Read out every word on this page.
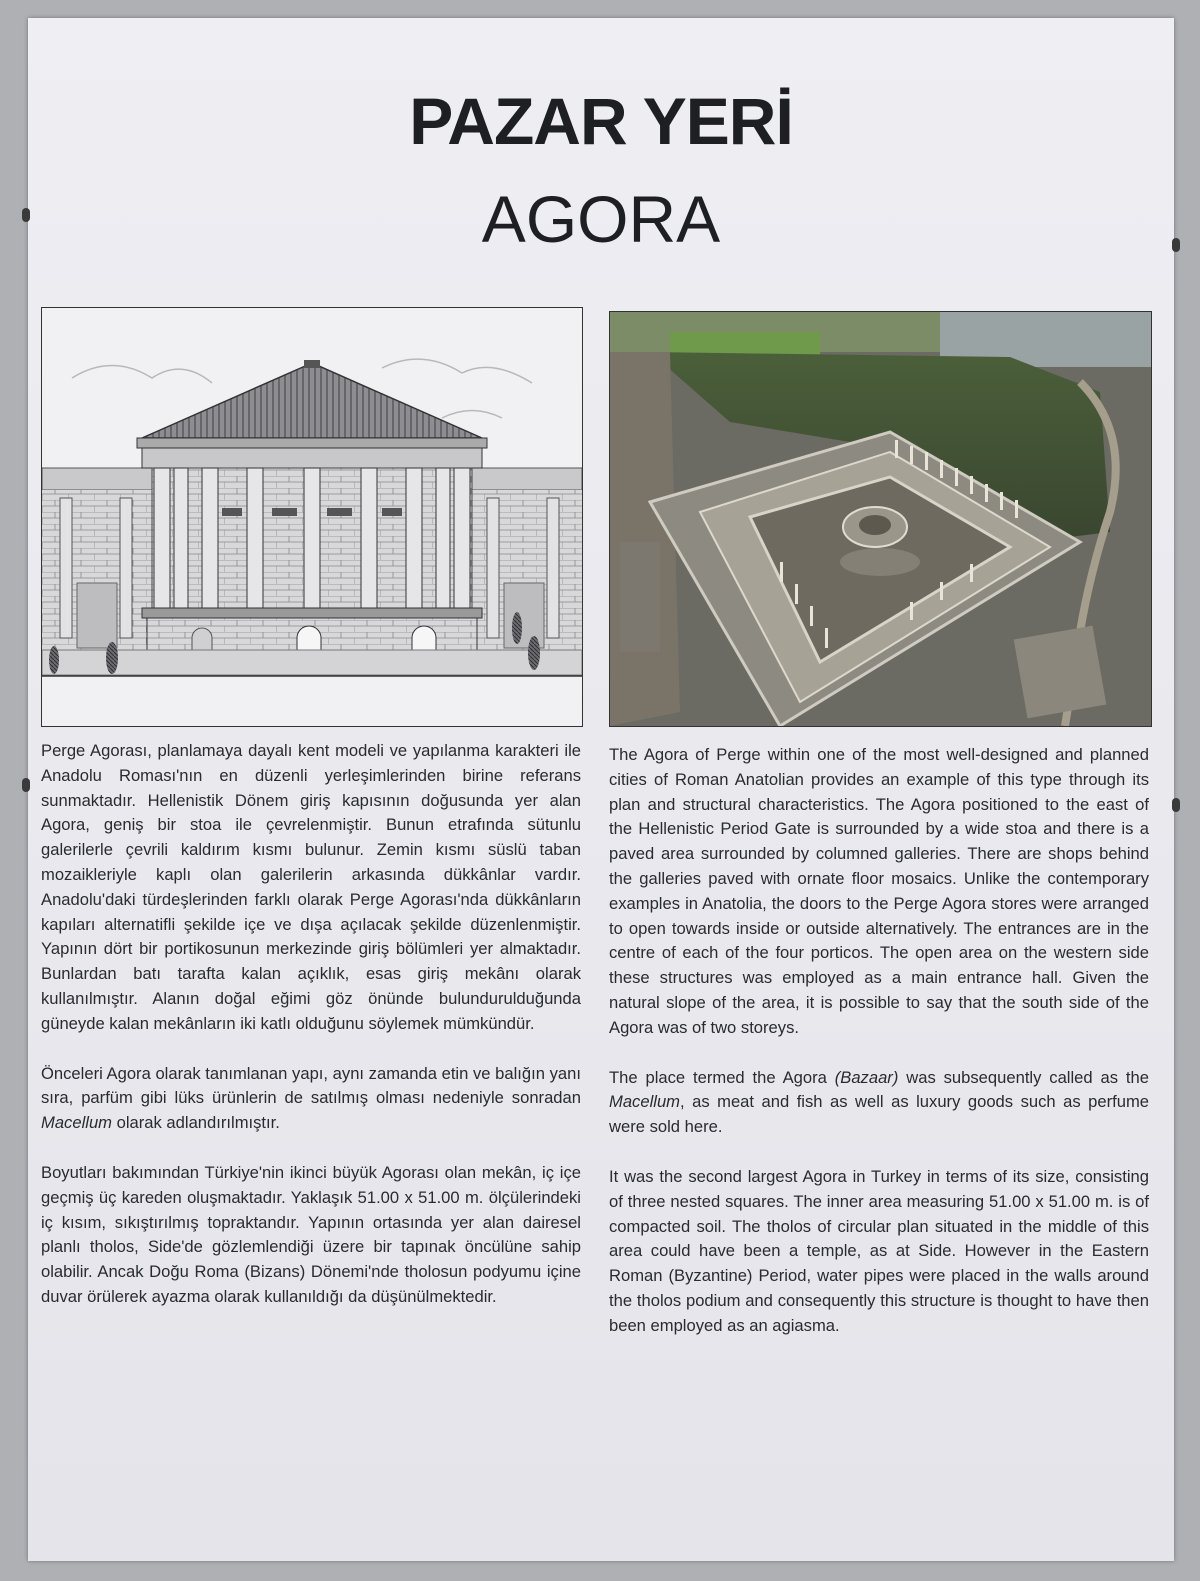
PAZAR YERİ
AGORA

Perge Agorası, planlamaya dayalı kent modeli ve yapılanma karakteri ile Anadolu Roması'nın en düzenli yerleşimlerinden birine referans sunmaktadır. Hellenistik Dönem giriş kapısının doğusunda yer alan Agora, geniş bir stoa ile çevrelenmiştir. Bunun etrafında sütunlu galerilerle çevrili kaldırım kısmı bulunur. Zemin kısmı süslü taban mozaikleriyle kaplı olan galerilerin arkasında dükkânlar vardır. Anadolu'daki türdeşlerinden farklı olarak Perge Agorası'nda dükkânların kapıları alternatifli şekilde içe ve dışa açılacak şekilde düzenlenmiştir. Yapının dört bir portikosunun merkezinde giriş bölümleri yer almaktadır. Bunlardan batı tarafta kalan açıklık, esas giriş mekânı olarak kullanılmıştır. Alanın doğal eğimi göz önünde bulundurulduğunda güneyde kalan mekânların iki katlı olduğunu söylemek mümkündür.

Önceleri Agora olarak tanımlanan yapı, aynı zamanda etin ve balığın yanı sıra, parfüm gibi lüks ürünlerin de satılmış olması nedeniyle sonradan Macellum olarak adlandırılmıştır.

Boyutları bakımından Türkiye'nin ikinci büyük Agorası olan mekân, iç içe geçmiş üç kareden oluşmaktadır. Yaklaşık 51.00 x 51.00 m. ölçülerindeki iç kısım, sıkıştırılmış topraktandır. Yapının ortasında yer alan dairesel planlı tholos, Side'de gözlemlendiği üzere bir tapınak öncülüne sahip olabilir. Ancak Doğu Roma (Bizans) Dönemi'nde tholosun podyumu içine duvar örülerek ayazma olarak kullanıldığı da düşünülmektedir.

The Agora of Perge within one of the most well-designed and planned cities of Roman Anatolian provides an example of this type through its plan and structural characteristics. The Agora positioned to the east of the Hellenistic Period Gate is surrounded by a wide stoa and there is a paved area surrounded by columned galleries. There are shops behind the galleries paved with ornate floor mosaics. Unlike the contemporary examples in Anatolia, the doors to the Perge Agora stores were arranged to open towards inside or outside alternatively. The entrances are in the centre of each of the four porticos. The open area on the western side these structures was employed as a main entrance hall. Given the natural slope of the area, it is possible to say that the south side of the Agora was of two storeys.

The place termed the Agora (Bazaar) was subsequently called as the Macellum, as meat and fish as well as luxury goods such as perfume were sold here.

It was the second largest Agora in Turkey in terms of its size, consisting of three nested squares. The inner area measuring 51.00 x 51.00 m. is of compacted soil. The tholos of circular plan situated in the middle of this area could have been a temple, as at Side. However in the Eastern Roman (Byzantine) Period, water pipes were placed in the walls around the tholos podium and consequently this structure is thought to have then been employed as an agiasma.
